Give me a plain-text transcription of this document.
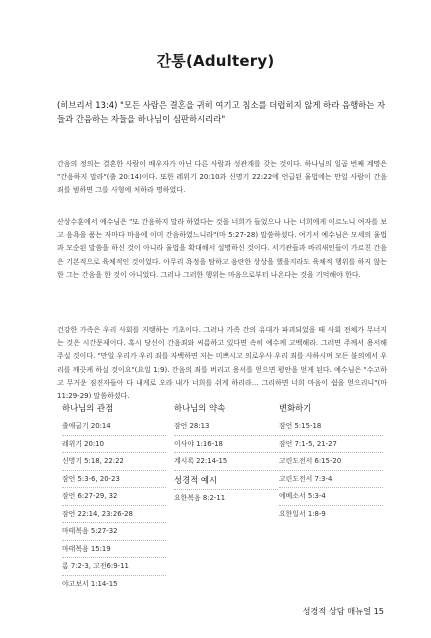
간통(Adultery)
(히브리서 13:4) "모든 사람은 결혼을 귀히 여기고 침소를 더럽히지 않게 하라 음행하는 자들과 간음하는 자들을 하나님이 심판하시리라"
간음의 정의는 결혼한 사람이 배우자가 아닌 다른 사람과 성관계를 갖는 것이다. 하나님의 일곱 번째 계명은 "간음하지 말라"(출 20:14)이다. 또한 레위기 20:10과 신명기 22:22에 언급된 율법에는 만일 사람이 간음죄를 범하면 그를 사형에 처하라 명하였다.
산상수훈에서 예수님은 "또 간음하지 말라 하였다는 것을 너희가 들었으나 나는 너희에게 이르노니 여자를 보고 음욕을 품는 자마다 마음에 이미 간음하였느니라"(마 5:27-28) 말씀하셨다. 여기서 예수님은 모세의 율법과 모순된 말씀을 하신 것이 아니라 율법을 확대해서 설명하신 것이다. 서기관들과 바리새인들이 가르친 간음은 기본적으로 육체적인 것이었다. 아무리 욕정을 탐하고 음란한 상상을 했을지라도 육체적 행위를 하지 않는 한 그는 간음을 한 것이 아니었다. 그러나 그러한 행위는 마음으로부터 나온다는 것을 기억해야 한다.
건강한 가족은 우리 사회를 지탱하는 기초이다. 그러나 가족 간의 유대가 파괴되었을 때 사회 전체가 무너지는 것은 시간문제이다. 혹시 당신이 간음죄와 씨름하고 있다면 속히 예수께 고백해라. 그러면 주께서 용서해 주실 것이다. "만일 우리가 우리 죄를 자백하면 저는 미쁘시고 의로우사 우리 죄를 사하시며 모든 불의에서 우리를 깨끗케 하실 것이요"(요일 1:9). 간음의 죄를 버리고 용서를 얻으면 평안을 얻게 된다. 예수님은 "수고하고 무거운 짐진자들아 다 내게로 오라 내가 너희를 쉬게 하리라… 그리하면 너희 마음이 쉼을 얻으리니"(마 11:29-29) 말씀하셨다.
하나님의 관점
출애굽기 20:14
레위기 20:10
신명기 5:18, 22:22
잠언 5:3-6, 20-23
잠언 6:27-29, 32
잠언 22:14, 23:26-28
마태복음 5:27-32
마태복음 15:19
롬 7:2-3, 고전6:9-11
야고보서 1:14-15
하나님의 약속
잠언 28:13
이사야 1:16-18
계시록 22:14-15
성경적 예시
요한복음 8:2-11
변화하기
잠언 5:15-18
잠언 7:1-5, 21-27
고린도전서 6:15-20
고린도전서 7:3-4
에베소서 5:3-4
요한일서 1:8-9
성경적 상담 매뉴얼 15
